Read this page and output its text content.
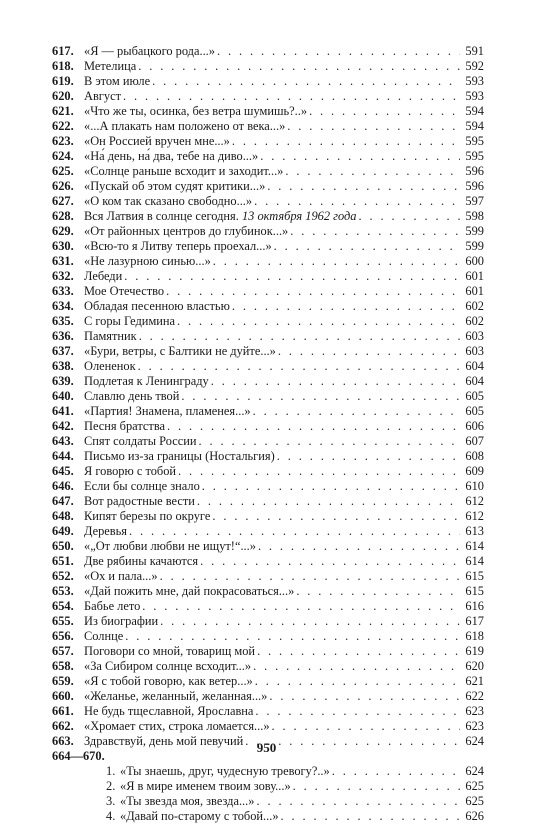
617. «Я — рыбацкого рода...» . . .	591
618. Метелица . . .	592
619. В этом июле . . .	593
620. Август . . .	593
621. «Что же ты, осинка, без ветра шумишь?..» . . .	594
622. «...А плакать нам положено от века...» . . .	594
623. «Он Россией вручен мне...» . . .	595
624. «На́ день, на́ два, тебе на диво...» . . .	595
625. «Солнце раньше всходит и заходит...» . . .	596
626. «Пускай об этом судят критики...» . . .	596
627. «О ком так сказано свободно...» . . .	597
628. Вся Латвия в солнце сегодня. 13 октября 1962 года . . .	598
629. «От районных центров до глубинок...» . . .	599
630. «Всю-то я Литву теперь проехал...» . . .	599
631. «Не лазурною синью...» . . .	600
632. Лебеди . . .	601
633. Мое Отечество . . .	601
634. Обладая песенною властью . . .	602
635. С горы Гедимина . . .	602
636. Памятник . . .	603
637. «Бури, ветры, с Балтики не дуйте...» . . .	603
638. Олененок . . .	604
639. Подлетая к Ленинграду . . .	604
640. Славлю день твой . . .	605
641. «Партия! Знамена, пламенея...» . . .	605
642. Песня братства . . .	606
643. Спят солдаты России . . .	607
644. Письмо из-за границы (Ностальгия) . . .	608
645. Я говорю с тобой . . .	609
646. Если бы солнце знало . . .	610
647. Вот радостные вести . . .	612
648. Кипят березы по округе . . .	612
649. Деревья . . .	613
650. «„От любви любви не ищут!“...» . . .	614
651. Две рябины качаются . . .	614
652. «Ох и пала...» . . .	615
653. «Дай пожить мне, дай покрасоваться...» . . .	615
654. Бабье лето . . .	616
655. Из биографии . . .	617
656. Солнце . . .	618
657. Поговори со мной, товарищ мой . . .	619
658. «За Сибиром солнце всходит...» . . .	620
659. «Я с тобой говорю, как ветер...» . . .	621
660. «Желанье, желанный, желанная...» . . .	622
661. Не будь тщеславной, Ярославна . . .	623
662. «Хромает стих, строка ломается...» . . .	623
663. Здравствуй, день мой певучий . . .	624
664—670.
1. «Ты знаешь, друг, чудесную тревогу?..» . . .	624
2. «Я в мире именем твоим зову...» . . .	625
3. «Ты звезда моя, звезда...» . . .	625
4. «Давай по-старому с тобой...» . . .	626
950
